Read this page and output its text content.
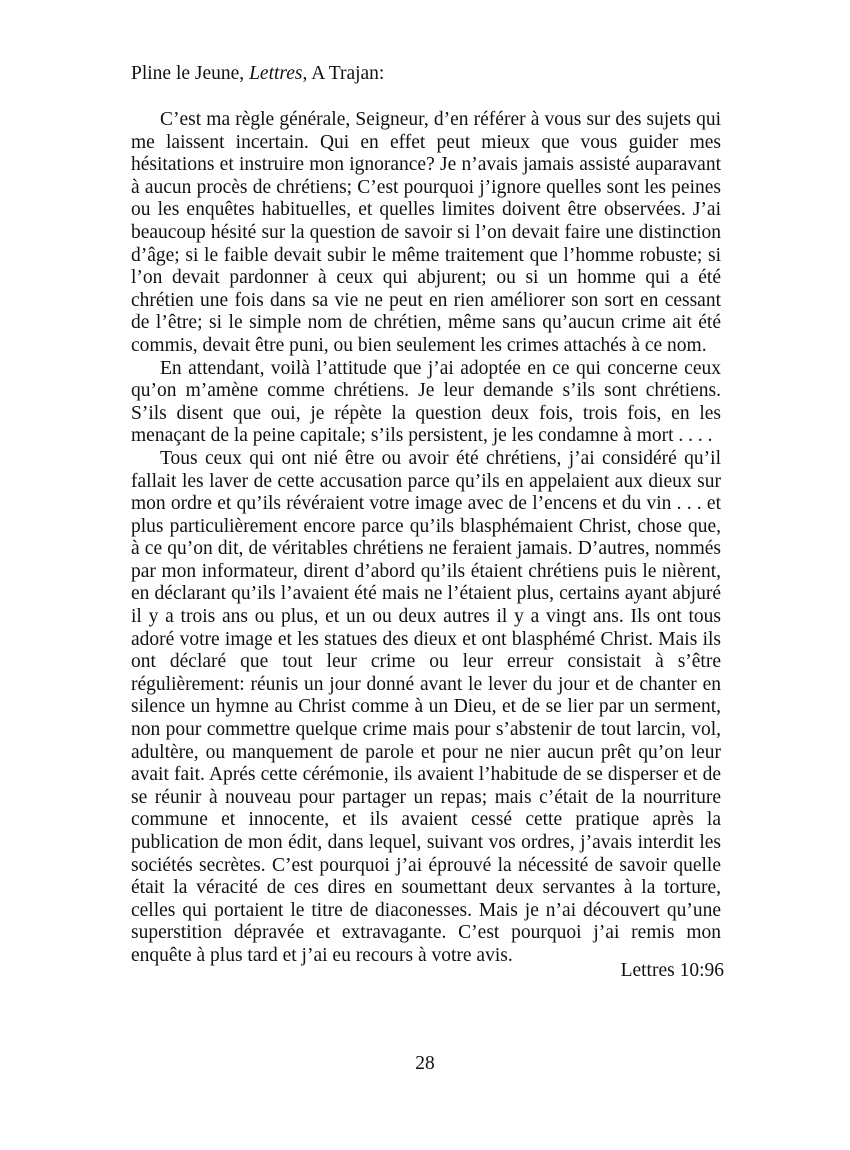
Pline le Jeune, Lettres, A Trajan:

C’est ma règle générale, Seigneur, d’en référer à vous sur des sujets qui me laissent incertain. Qui en effet peut mieux que vous guider mes hésitations et instruire mon ignorance? Je n’avais jamais assisté auparavant à aucun procès de chrétiens; C’est pourquoi j’ignore quelles sont les peines ou les enquêtes habituelles, et quelles limites doivent être observées. J’ai beaucoup hésité sur la question de savoir si l’on devait faire une distinction d’âge; si le faible devait subir le même traitement que l’homme robuste; si l’on devait pardonner à ceux qui abjurent; ou si un homme qui a été chrétien une fois dans sa vie ne peut en rien améliorer son sort en cessant de l’être; si le simple nom de chrétien, même sans qu’aucun crime ait été commis, devait être puni, ou bien seulement les crimes attachés à ce nom.

En attendant, voilà l’attitude que j’ai adoptée en ce qui concerne ceux qu’on m’amène comme chrétiens. Je leur demande s’ils sont chrétiens. S’ils disent que oui, je répète la question deux fois, trois fois, en les menaçant de la peine capitale; s’ils persistent, je les condamne à mort . . . .

Tous ceux qui ont nié être ou avoir été chrétiens, j’ai considéré qu’il fallait les laver de cette accusation parce qu’ils en appelaient aux dieux sur mon ordre et qu’ils révéraient votre image avec de l’encens et du vin . . . et plus particulièrement encore parce qu’ils blasphémaient Christ, chose que, à ce qu’on dit, de véritables chrétiens ne feraient jamais. D’autres, nommés par mon informateur, dirent d’abord qu’ils étaient chrétiens puis le nièrent, en déclarant qu’ils l’avaient été mais ne l’étaient plus, certains ayant abjuré il y a trois ans ou plus, et un ou deux autres il y a vingt ans. Ils ont tous adoré votre image et les statues des dieux et ont blasphémé Christ. Mais ils ont déclaré que tout leur crime ou leur erreur consistait à s’être régulièrement: réunis un jour donné avant le lever du jour et de chanter en silence un hymne au Christ comme à un Dieu, et de se lier par un serment, non pour commettre quelque crime mais pour s’abstenir de tout larcin, vol, adultère, ou manquement de parole et pour ne nier aucun prêt qu’on leur avait fait. Aprés cette cérémonie, ils avaient l’habitude de se disperser et de se réunir à nouveau pour partager un repas; mais c’était de la nourriture commune et innocente, et ils avaient cessé cette pratique après la publication de mon édit, dans lequel, suivant vos ordres, j’avais interdit les sociétés secrètes. C’est pourquoi j’ai éprouvé la nécessité de savoir quelle était la véracité de ces dires en soumettant deux servantes à la torture, celles qui portaient le titre de diaconesses. Mais je n’ai découvert qu’une superstition dépravée et extravagante. C’est pourquoi j’ai remis mon enquête à plus tard et j’ai eu recours à votre avis.

Lettres 10:96
28
